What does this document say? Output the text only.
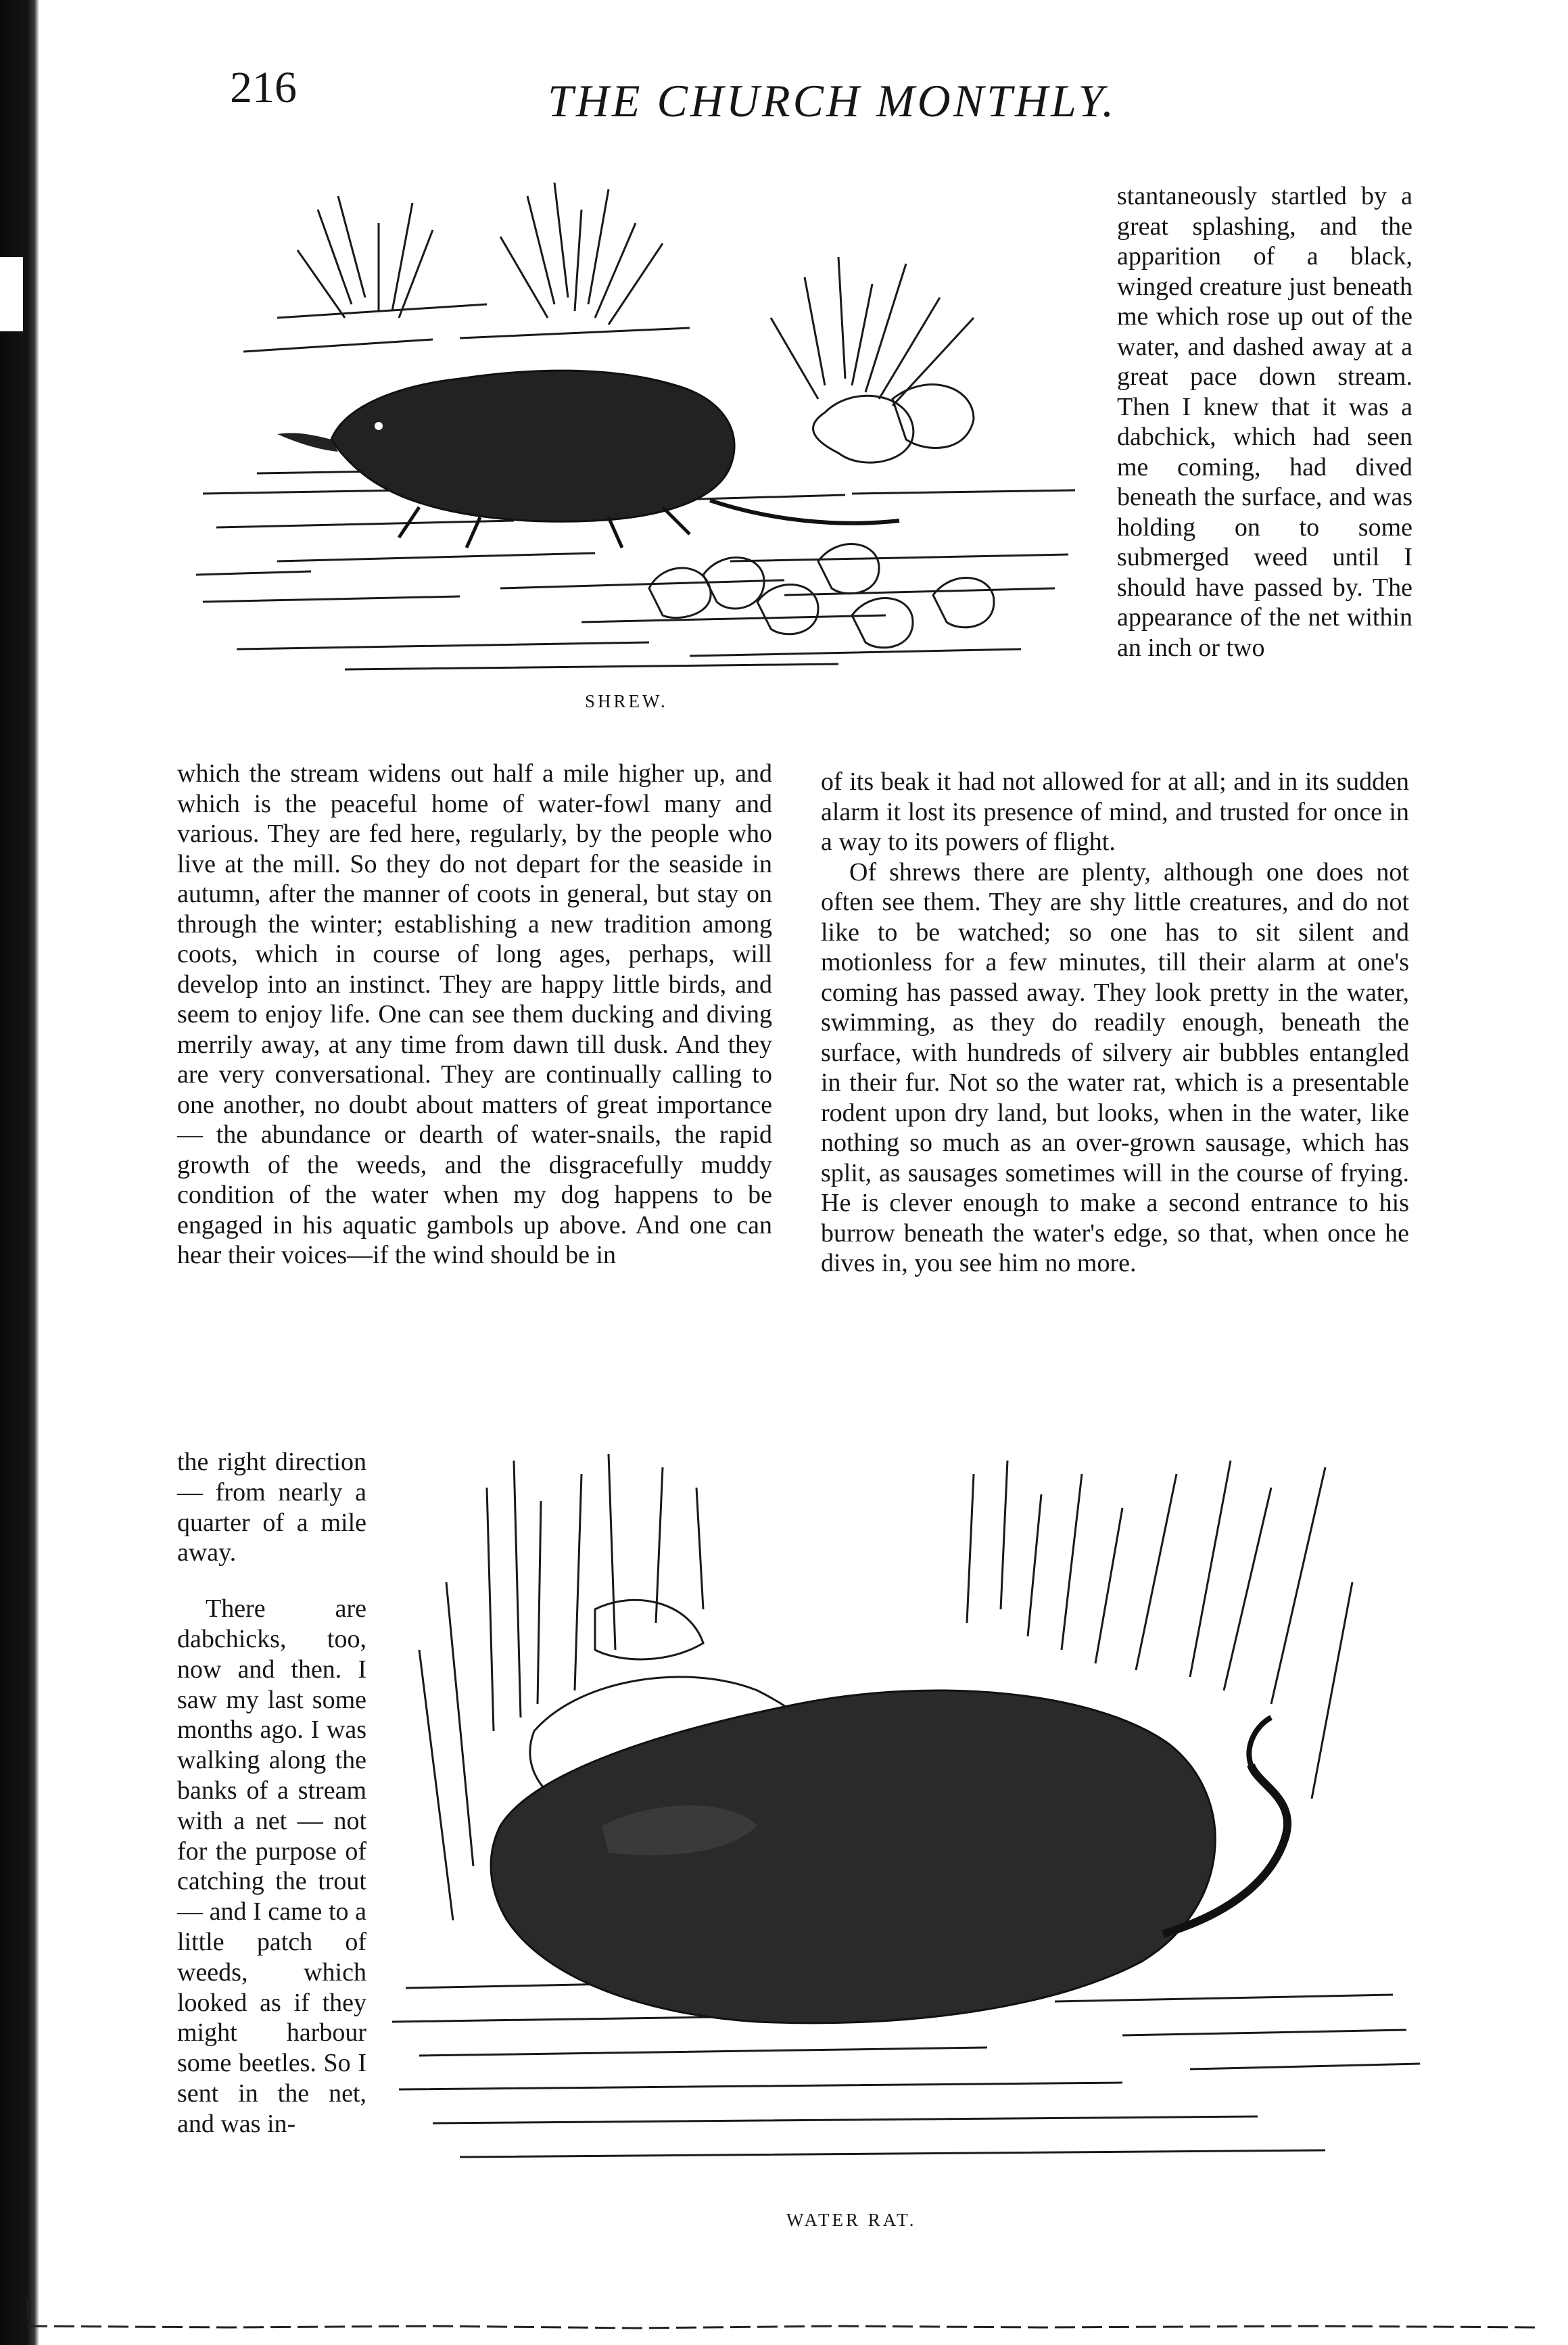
216	THE CHURCH MONTHLY.
SHREW.

stantaneously startled by a great splashing, and the apparition of a black, winged creature just beneath me which rose up out of the water, and dashed away at a great pace down stream. Then I knew that it was a dabchick, which had seen me coming, had dived beneath the surface, and was holding on to some submerged weed until I should have passed by. The appearance of the net within an inch or two

which the stream widens out half a mile higher up, and which is the peaceful home of water-fowl many and various. They are fed here, regularly, by the people who live at the mill. So they do not depart for the seaside in autumn, after the manner of coots in general, but stay on through the winter; establishing a new tradition among coots, which in course of long ages, perhaps, will develop into an instinct. They are happy little birds, and seem to enjoy life. One can see them ducking and diving merrily away, at any time from dawn till dusk. And they are very conversational. They are continually calling to one another, no doubt about matters of great importance — the abundance or dearth of water-snails, the rapid growth of the weeds, and the disgracefully muddy condition of the water when my dog happens to be engaged in his aquatic gambols up above. And one can hear their voices—if the wind should be in

of its beak it had not allowed for at all; and in its sudden alarm it lost its presence of mind, and trusted for once in a way to its powers of flight.

Of shrews there are plenty, although one does not often see them. They are shy little creatures, and do not like to be watched; so one has to sit silent and motionless for a few minutes, till their alarm at one's coming has passed away. They look pretty in the water, swimming, as they do readily enough, beneath the surface, with hundreds of silvery air bubbles entangled in their fur. Not so the water rat, which is a presentable rodent upon dry land, but looks, when in the water, like nothing so much as an over-grown sausage, which has split, as sausages sometimes will in the course of frying. He is clever enough to make a second entrance to his burrow beneath the water's edge, so that, when once he dives in, you see him no more.

the right direction — from nearly a quarter of a mile away.

There are dabchicks, too, now and then. I saw my last some months ago. I was walking along the banks of a stream with a net — not for the purpose of catching the trout — and I came to a little patch of weeds, which looked as if they might harbour some beetles. So I sent in the net, and was in-

WATER RAT.
